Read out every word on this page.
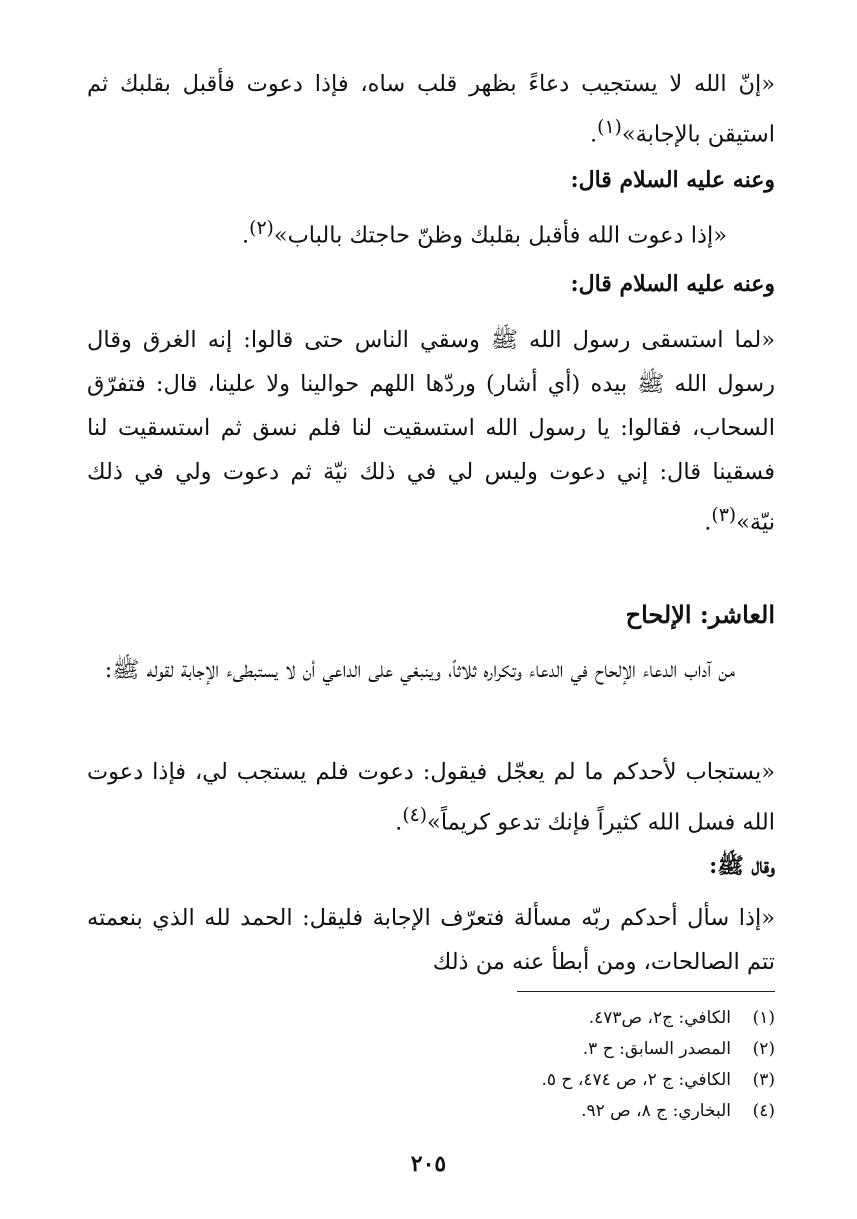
«إنّ الله لا يستجيب دعاءً بظهر قلب ساه، فإذا دعوت فأقبل بقلبك ثم استيقن بالإجابة»$^{(١)}$.

وعنه عليه السلام قال:

«إذا دعوت الله فأقبل بقلبك وظنّ حاجتك بالباب»$^{(٢)}$.

وعنه عليه السلام قال:

«لما استسقى رسول الله ﷺ وسقي الناس حتى قالوا: إنه الغرق وقال رسول الله ﷺ بيده (أي أشار) وردّها اللهم حوالينا ولا علينا، قال: فتفرّق السحاب، فقالوا: يا رسول الله استسقيت لنا فلم نسق ثم استسقيت لنا فسقينا قال: إني دعوت وليس لي في ذلك نيّة ثم دعوت ولي في ذلك نيّة»$^{(٣)}$.

العاشر: الإلحاح

من آداب الدعاء الإلحاح في الدعاء وتكراره ثلاثاً، وينبغي على الداعي أن لا يستبطىء الإجابة لقوله ﷺ:

«يستجاب لأحدكم ما لم يعجّل فيقول: دعوت فلم يستجب لي، فإذا دعوت الله فسل الله كثيراً فإنك تدعو كريماً»$^{(٤)}$.

وقال ﷺ:

«إذا سأل أحدكم ربّه مسألة فتعرّف الإجابة فليقل: الحمد لله الذي بنعمته تتم الصالحات، ومن أبطأ عنه من ذلك

(١)الكافي: ج٢، ص٤٧٣.
(٢)المصدر السابق: ح ٣.
(٣)الكافي: ج ٢، ص ٤٧٤، ح ٥.
(٤)البخاري: ج ٨، ص ٩٢.
٢٠٥
